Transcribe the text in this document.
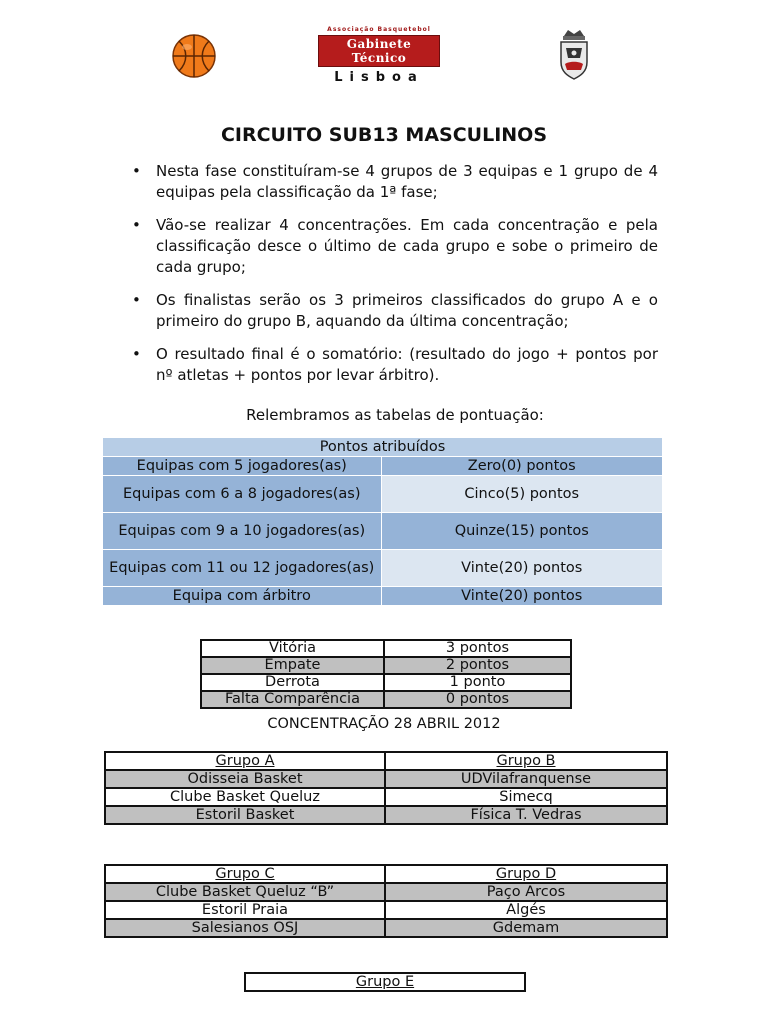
Associação Basquetebol
Gabinete Técnico
Lisboa
CIRCUITO SUB13 MASCULINOS
• Nesta fase constituíram-se 4 grupos de 3 equipas e 1 grupo de 4 equipas pela classificação da 1ª fase;
• Vão-se realizar 4 concentrações. Em cada concentração e pela classificação desce o último de cada grupo e sobe o primeiro de cada grupo;
• Os finalistas serão os 3 primeiros classificados do grupo A e o primeiro do grupo B, aquando da última concentração;
• O resultado final é o somatório: (resultado do jogo + pontos por nº atletas + pontos por levar árbitro).
Relembramos as tabelas de pontuação:
Pontos atribuídos	
Equipas com 5 jogadores(as)	Zero(0) pontos
Equipas com 6 a 8 jogadores(as)	Cinco(5) pontos
Equipas com 9 a 10 jogadores(as)	Quinze(15) pontos
Equipas com 11 ou 12 jogadores(as)	Vinte(20) pontos
Equipa com árbitro	Vinte(20) pontos
Vitória	3 pontos
Empate	2 pontos
Derrota	1 ponto
Falta Comparência	0 pontos
CONCENTRAÇÃO 28 ABRIL 2012
Grupo A	Grupo B
Odisseia Basket	UDVilafranquense
Clube Basket Queluz	Simecq
Estoril Basket	Física T. Vedras
Grupo C	Grupo D
Clube Basket Queluz “B”	Paço Arcos
Estoril Praia	Algés
Salesianos OSJ	Gdemam
Grupo E
